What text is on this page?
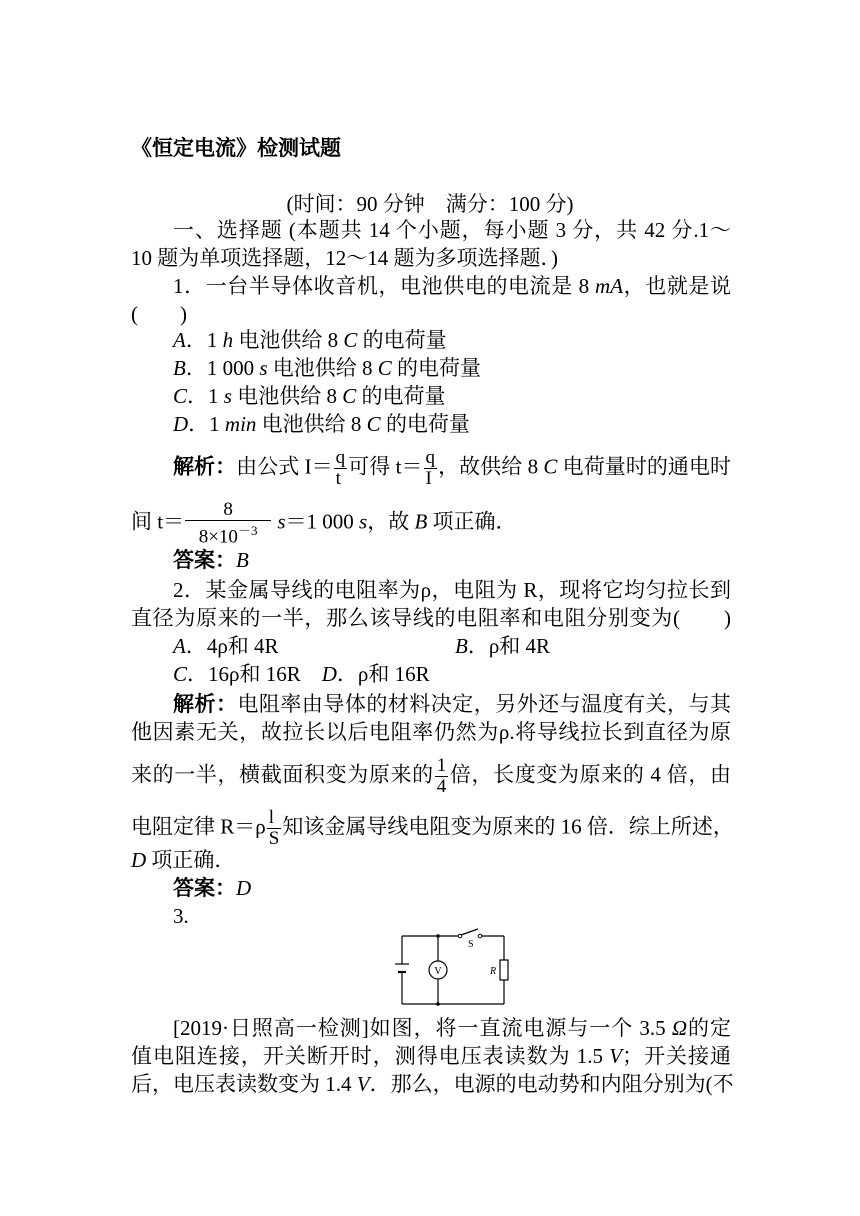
《恒定电流》检测试题
(时间：90 分钟　满分：100 分)
一、选择题 (本题共 14 个小题，每小题 3 分，共 42 分.1～
10 题为单项选择题，12～14 题为多项选择题．)
1．一台半导体收音机，电池供电的电流是 8 mA，也就是说
(　　)
A．1 h 电池供给 8 C 的电荷量
B．1 000 s 电池供给 8 C 的电荷量
C．1 s 电池供给 8 C 的电荷量
D．1 min 电池供给 8 C 的电荷量
解析：由公式 $I= \frac{q}{t}$ 可得 $t= \frac{q}{I}$ ，故供给 8 C 电荷量时的通电时
间 $t= \frac{8}{8\times 10^{-3}} s=1$ 000 s，故 B 项正确．
答案：B
2．某金属导线的电阻率为ρ，电阻为 R，现将它均匀拉长到
直径为原来的一半，那么该导线的电阻率和电阻分别变为(　　)
A．4ρ和 4R	B．ρ和 4R
C．16ρ和 16R　 D．ρ和 16R
解析：电阻率由导体的材料决定，另外还与温度有关，与其
他因素无关，故拉长以后电阻率仍然为ρ.将导线拉长到直径为原
来的一半，横截面积变为原来的 $\frac{1}{4}$ 倍，长度变为原来的 4 倍，由
电阻定律 $R=\rho \frac{l}{S}$ 知该金属导线电阻变为原来的 16 倍．综上所述，
D 项正确．
答案：D
3.
V
S
R
[2019·日照高一检测]如图，将一直流电源与一个 3.5 Ω的定
值电阻连接，开关断开时，测得电压表读数为 1.5 V；开关接通
后，电压表读数变为 1.4 V．那么，电源的电动势和内阻分别为(不
